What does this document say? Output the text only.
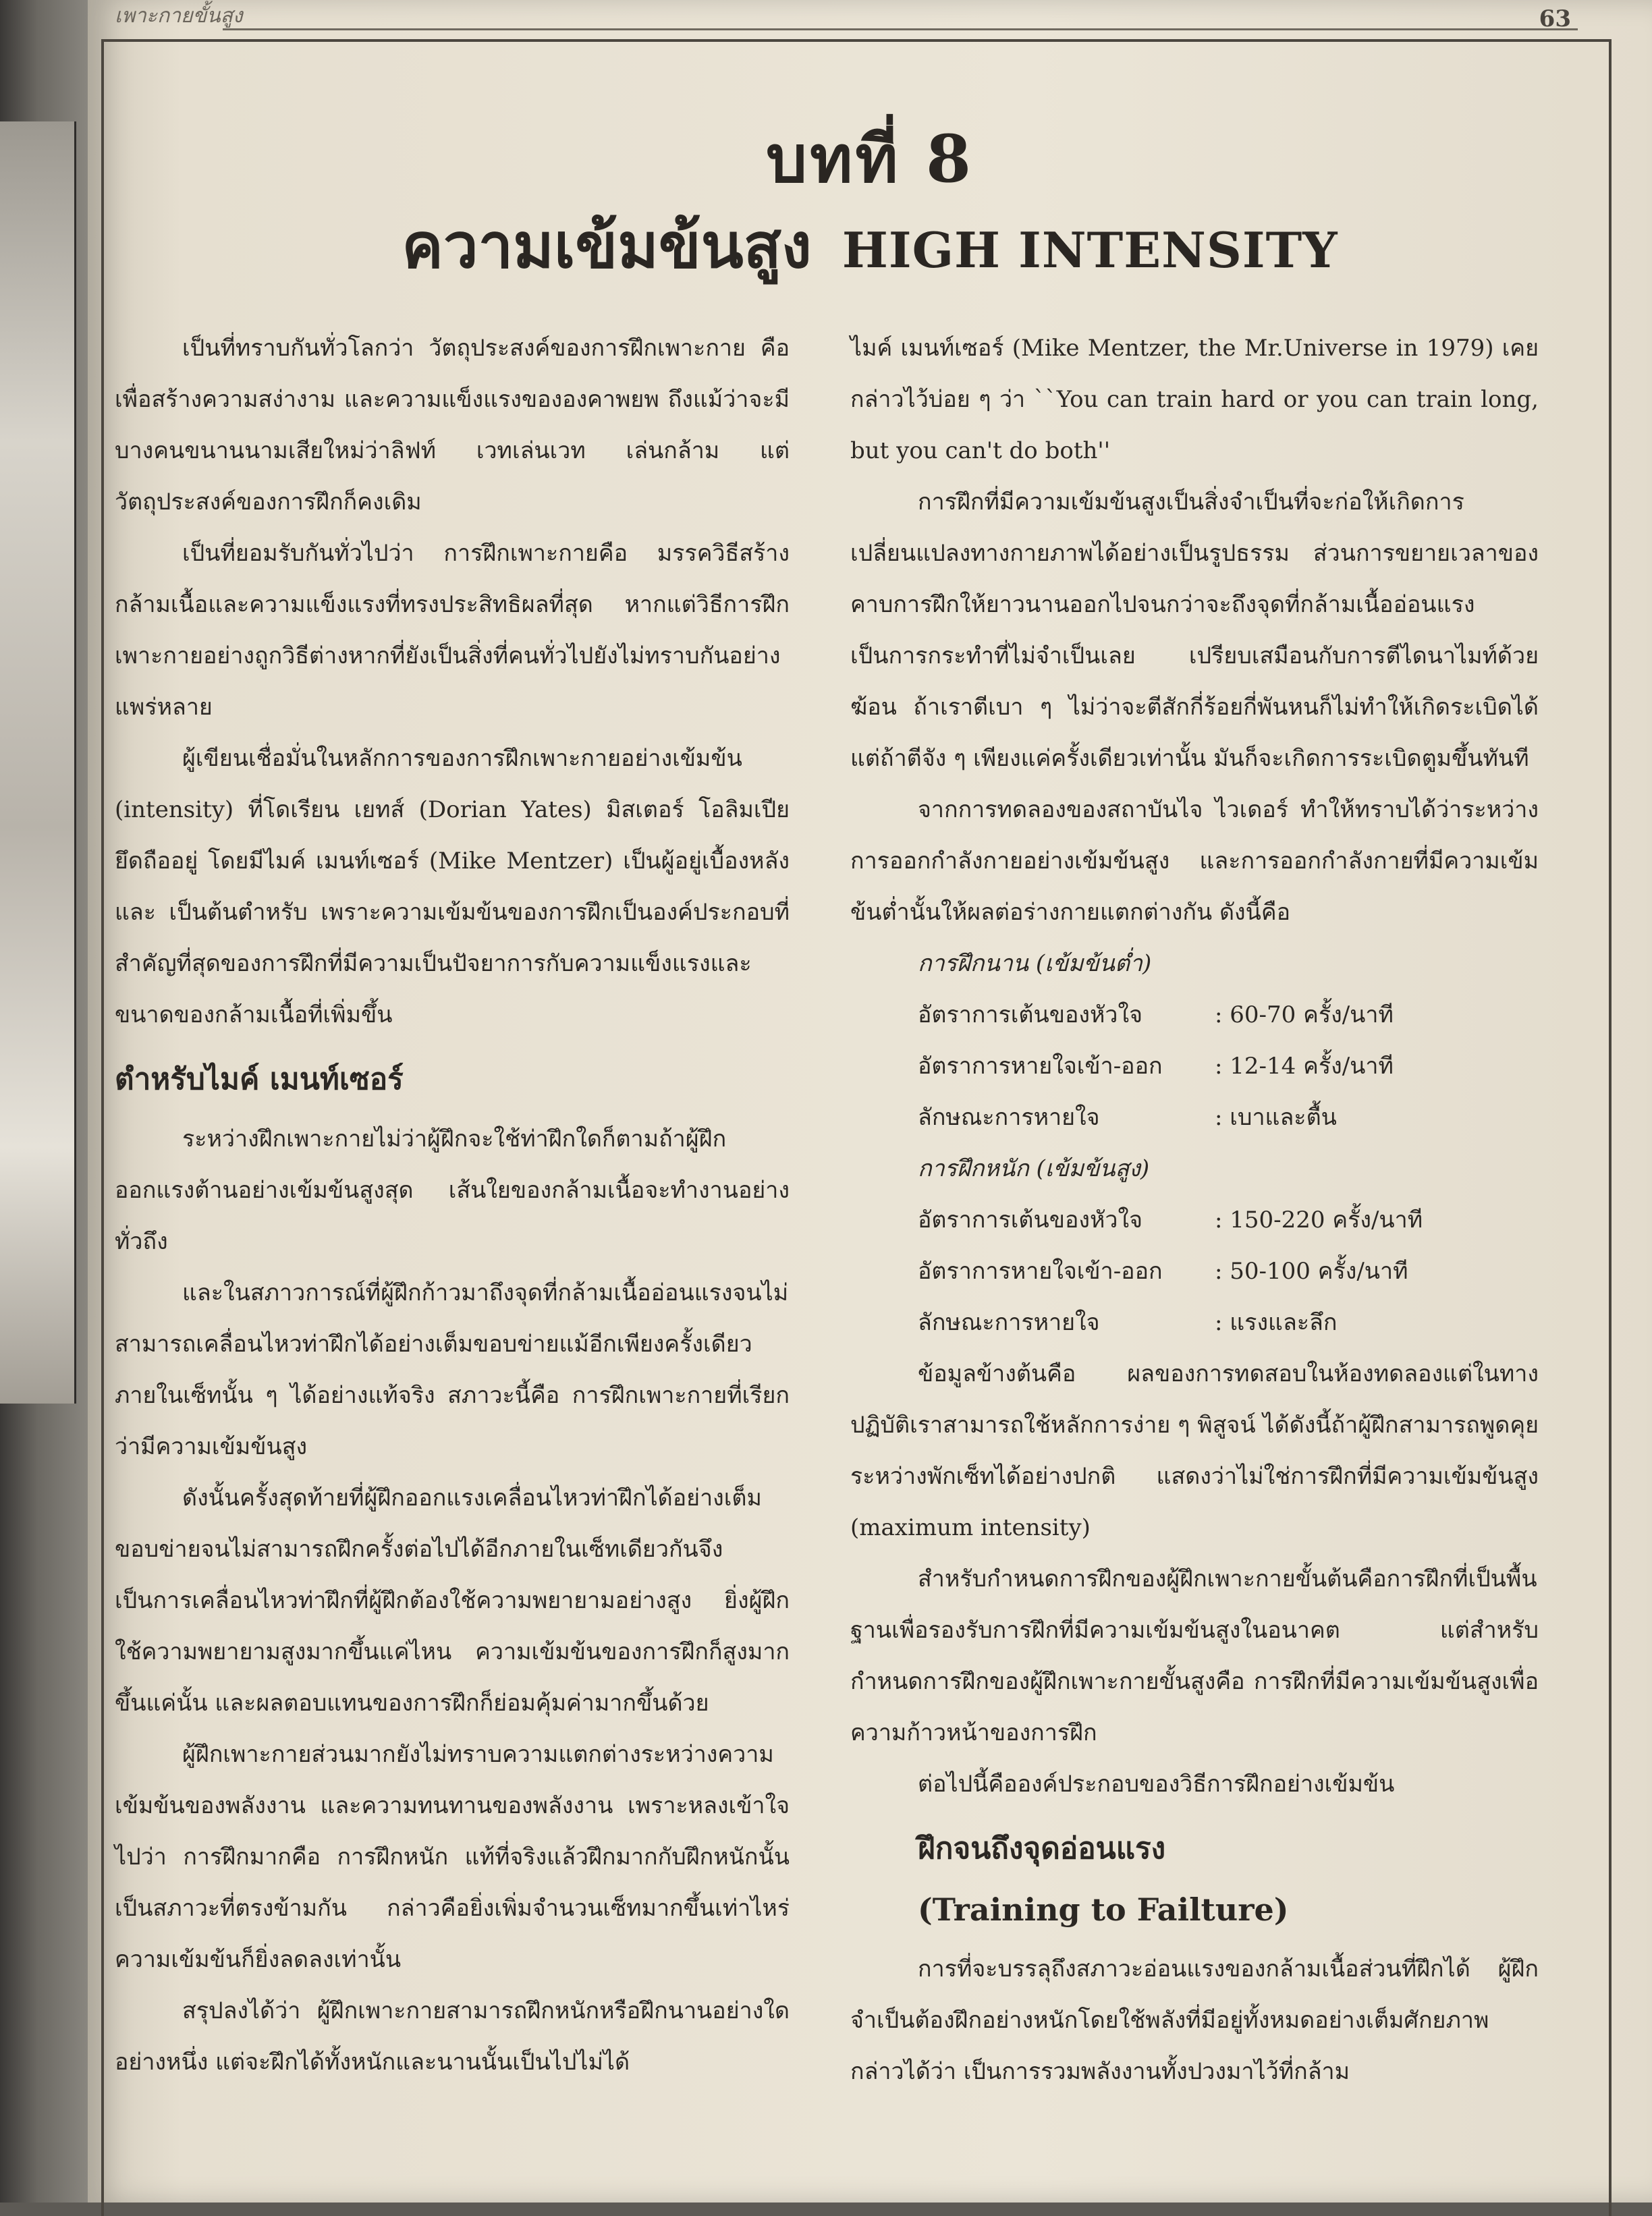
เพาะกายขั้นสูง	63
บทที่ 8
ความเข้มข้นสูง HIGH INTENSITY

เป็นที่ทราบกันทั่วโลกว่า วัตถุประสงค์ของการฝึกเพาะกาย คือ เพื่อสร้างความสง่างาม และความแข็งแรงขององคาพยพ ถึงแม้ว่าจะมีบางคนขนานนามเสียใหม่ว่าลิฟท์ เวทเล่นเวท เล่นกล้าม แต่วัตถุประสงค์ของการฝึกก็คงเดิม

เป็นที่ยอมรับกันทั่วไปว่า การฝึกเพาะกายคือ มรรควิธีสร้างกล้ามเนื้อและความแข็งแรงที่ทรงประสิทธิผลที่สุด หากแต่วิธีการฝึกเพาะกายอย่างถูกวิธีต่างหากที่ยังเป็นสิ่งที่คนทั่วไปยังไม่ทราบกันอย่างแพร่หลาย

ผู้เขียนเชื่อมั่นในหลักการของการฝึกเพาะกายอย่างเข้มข้น (intensity) ที่โดเรียน เยทส์ (Dorian Yates) มิสเตอร์ โอลิมเปีย ยึดถืออยู่ โดยมีไมค์ เมนท์เซอร์ (Mike Mentzer) เป็นผู้อยู่เบื้องหลัง และ เป็นต้นตำหรับ เพราะความเข้มข้นของการฝึกเป็นองค์ประกอบที่สำคัญที่สุดของการฝึกที่มีความเป็นปัจยาการกับความแข็งแรงและขนาดของกล้ามเนื้อที่เพิ่มขึ้น

ตำหรับไมค์ เมนท์เซอร์

ระหว่างฝึกเพาะกายไม่ว่าผู้ฝึกจะใช้ท่าฝึกใดก็ตามถ้าผู้ฝึกออกแรงต้านอย่างเข้มข้นสูงสุด เส้นใยของกล้ามเนื้อจะทำงานอย่างทั่วถึง

และในสภาวการณ์ที่ผู้ฝึกก้าวมาถึงจุดที่กล้ามเนื้ออ่อนแรงจนไม่สามารถเคลื่อนไหวท่าฝึกได้อย่างเต็มขอบข่ายแม้อีกเพียงครั้งเดียวภายในเซ็ทนั้น ๆ ได้อย่างแท้จริง สภาวะนี้คือ การฝึกเพาะกายที่เรียกว่ามีความเข้มข้นสูง

ดังนั้นครั้งสุดท้ายที่ผู้ฝึกออกแรงเคลื่อนไหวท่าฝึกได้อย่างเต็มขอบข่ายจนไม่สามารถฝึกครั้งต่อไปได้อีกภายในเซ็ทเดียวกันจึงเป็นการเคลื่อนไหวท่าฝึกที่ผู้ฝึกต้องใช้ความพยายามอย่างสูง ยิ่งผู้ฝึกใช้ความพยายามสูงมากขึ้นแค่ไหน ความเข้มข้นของการฝึกก็สูงมากขึ้นแค่นั้น และผลตอบแทนของการฝึกก็ย่อมคุ้มค่ามากขึ้นด้วย

ผู้ฝึกเพาะกายส่วนมากยังไม่ทราบความแตกต่างระหว่างความเข้มข้นของพลังงาน และความทนทานของพลังงาน เพราะหลงเข้าใจไปว่า การฝึกมากคือ การฝึกหนัก แท้ที่จริงแล้วฝึกมากกับฝึกหนักนั้นเป็นสภาวะที่ตรงข้ามกัน กล่าวคือยิ่งเพิ่มจำนวนเซ็ทมากขึ้นเท่าไหร่ ความเข้มข้นก็ยิ่งลดลงเท่านั้น

สรุปลงได้ว่า ผู้ฝึกเพาะกายสามารถฝึกหนักหรือฝึกนานอย่างใดอย่างหนึ่ง แต่จะฝึกได้ทั้งหนักและนานนั้นเป็นไปไม่ได้

ไมค์ เมนท์เซอร์ (Mike Mentzer, the Mr.Universe in 1979) เคยกล่าวไว้บ่อย ๆ ว่า ``You can train hard or you can train long, but you can't do both''

การฝึกที่มีความเข้มข้นสูงเป็นสิ่งจำเป็นที่จะก่อให้เกิดการเปลี่ยนแปลงทางกายภาพได้อย่างเป็นรูปธรรม ส่วนการขยายเวลาของคาบการฝึกให้ยาวนานออกไปจนกว่าจะถึงจุดที่กล้ามเนื้ออ่อนแรงเป็นการกระทำที่ไม่จำเป็นเลย เปรียบเสมือนกับการตีไดนาไมท์ด้วยฆ้อน ถ้าเราตีเบา ๆ ไม่ว่าจะตีสักกี่ร้อยกี่พันหนก็ไม่ทำให้เกิดระเบิดได้ แต่ถ้าตีจัง ๆ เพียงแค่ครั้งเดียวเท่านั้น มันก็จะเกิดการระเบิดตูมขึ้นทันที

จากการทดลองของสถาบันไจ ไวเดอร์ ทำให้ทราบได้ว่าระหว่างการออกกำลังกายอย่างเข้มข้นสูง และการออกกำลังกายที่มีความเข้มข้นต่ำนั้นให้ผลต่อร่างกายแตกต่างกัน ดังนี้คือ

การฝึกนาน (เข้มข้นต่ำ)

อัตราการเต้นของหัวใจ	: 60-70 ครั้ง/นาที
อัตราการหายใจเข้า-ออก	: 12-14 ครั้ง/นาที
ลักษณะการหายใจ	: เบาและตื้น

การฝึกหนัก (เข้มข้นสูง)

อัตราการเต้นของหัวใจ	: 150-220 ครั้ง/นาที
อัตราการหายใจเข้า-ออก	: 50-100 ครั้ง/นาที
ลักษณะการหายใจ	: แรงและลึก

ข้อมูลข้างต้นคือ ผลของการทดสอบในห้องทดลองแต่ในทางปฏิบัติเราสามารถใช้หลักการง่าย ๆ พิสูจน์ ได้ดังนี้ถ้าผู้ฝึกสามารถพูดคุยระหว่างพักเซ็ทได้อย่างปกติ แสดงว่าไม่ใช่การฝึกที่มีความเข้มข้นสูง (maximum intensity)

สำหรับกำหนดการฝึกของผู้ฝึกเพาะกายขั้นต้นคือการฝึกที่เป็นพื้นฐานเพื่อรองรับการฝึกที่มีความเข้มข้นสูงในอนาคต แต่สำหรับกำหนดการฝึกของผู้ฝึกเพาะกายขั้นสูงคือ การฝึกที่มีความเข้มข้นสูงเพื่อความก้าวหน้าของการฝึก

ต่อไปนี้คือองค์ประกอบของวิธีการฝึกอย่างเข้มข้น

ฝึกจนถึงจุดอ่อนแรง
(Training to Failture)

การที่จะบรรลุถึงสภาวะอ่อนแรงของกล้ามเนื้อส่วนที่ฝึกได้ ผู้ฝึกจำเป็นต้องฝึกอย่างหนักโดยใช้พลังที่มีอยู่ทั้งหมดอย่างเต็มศักยภาพ กล่าวได้ว่า เป็นการรวมพลังงานทั้งปวงมาไว้ที่กล้าม
